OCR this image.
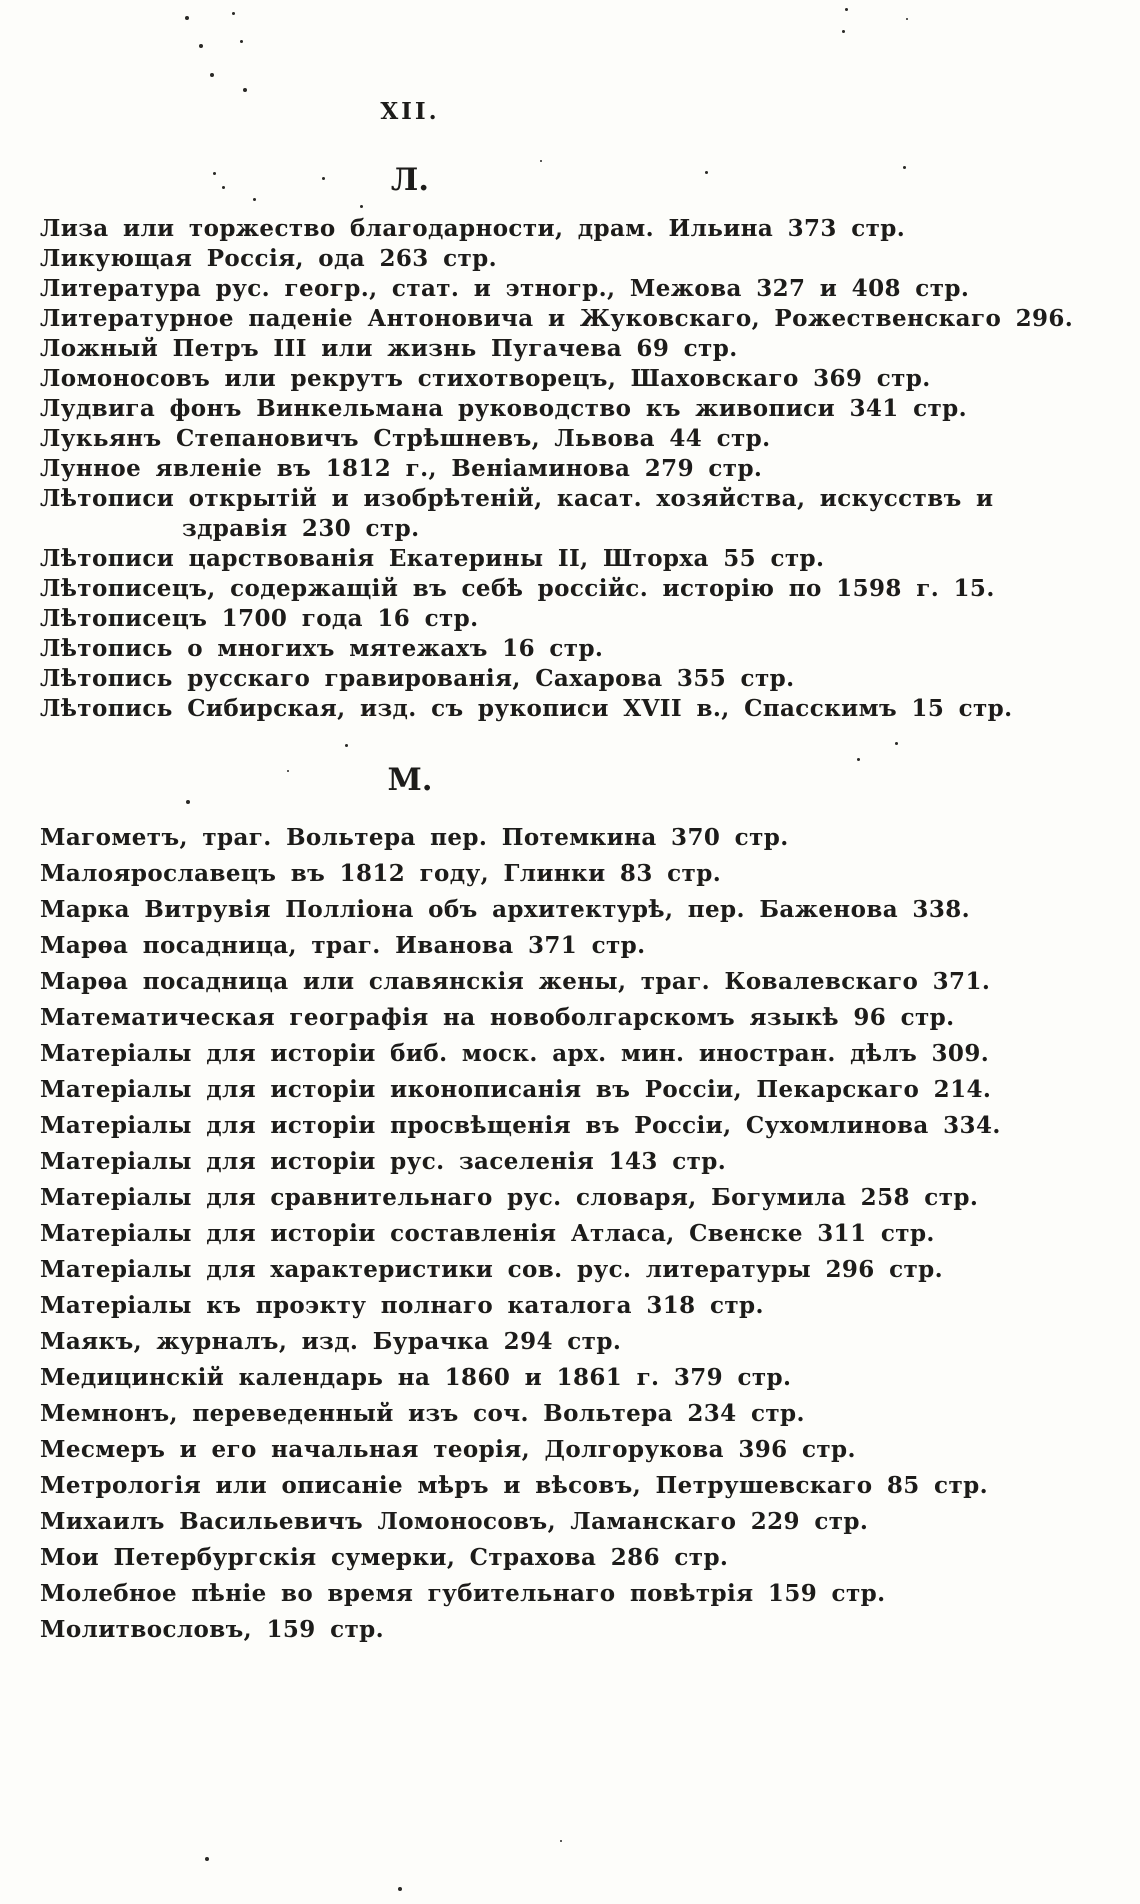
XII.
Л.
Лиза или торжество благодарности, драм. Ильина 373 стр.
Ликующая Россія, ода 263 стр.
Литература рус. геогр., стат. и этногр., Межова 327 и 408 стр.
Литературное паденіе Антоновича и Жуковскаго, Рожественскаго 296.
Ложный Петръ III или жизнь Пугачева 69 стр.
Ломоносовъ или рекрутъ стихотворецъ, Шаховскаго 369 стр.
Лудвига фонъ Винкельмана руководство къ живописи 341 стр.
Лукьянъ Степановичъ Стрѣшневъ, Львова 44 стр.
Лунное явленіе въ 1812 г., Веніаминова 279 стр.
Лѣтописи открытій и изобрѣтеній, касат. хозяйства, искусствъ и
здравія 230 стр.
Лѣтописи царствованія Екатерины II, Шторха 55 стр.
Лѣтописецъ, содержащій въ себѣ россійс. исторію по 1598 г. 15.
Лѣтописецъ 1700 года 16 стр.
Лѣтопись о многихъ мятежахъ 16 стр.
Лѣтопись русскаго гравированія, Сахарова 355 стр.
Лѣтопись Сибирская, изд. съ рукописи XVII в., Спасскимъ 15 стр.
М.
Магометъ, траг. Вольтера пер. Потемкина 370 стр.
Малоярославецъ въ 1812 году, Глинки 83 стр.
Марка Витрувія Полліона объ архитектурѣ, пер. Баженова 338.
Марѳа посадница, траг. Иванова 371 стр.
Марѳа посадница или славянскія жены, траг. Ковалевскаго 371.
Математическая географія на новоболгарскомъ языкѣ 96 стр.
Матеріалы для исторіи биб. моск. арх. мин. иностран. дѣлъ 309.
Матеріалы для исторіи иконописанія въ Россіи, Пекарскаго 214.
Матеріалы для исторіи просвѣщенія въ Россіи, Сухомлинова 334.
Матеріалы для исторіи рус. заселенія 143 стр.
Матеріалы для сравнительнаго рус. словаря, Богумила 258 стр.
Матеріалы для исторіи составленія Атласа, Свенске 311 стр.
Матеріалы для характеристики сов. рус. литературы 296 стр.
Матеріалы къ проэкту полнаго каталога 318 стр.
Маякъ, журналъ, изд. Бурачка 294 стр.
Медицинскій календарь на 1860 и 1861 г. 379 стр.
Мемнонъ, переведенный изъ соч. Вольтера 234 стр.
Месмеръ и его начальная теорія, Долгорукова 396 стр.
Метрологія или описаніе мѣръ и вѣсовъ, Петрушевскаго 85 стр.
Михаилъ Васильевичъ Ломоносовъ, Ламанскаго 229 стр.
Мои Петербургскія сумерки, Страхова 286 стр.
Молебное пѣніе во время губительнаго повѣтрія 159 стр.
Молитвословъ, 159 стр.
